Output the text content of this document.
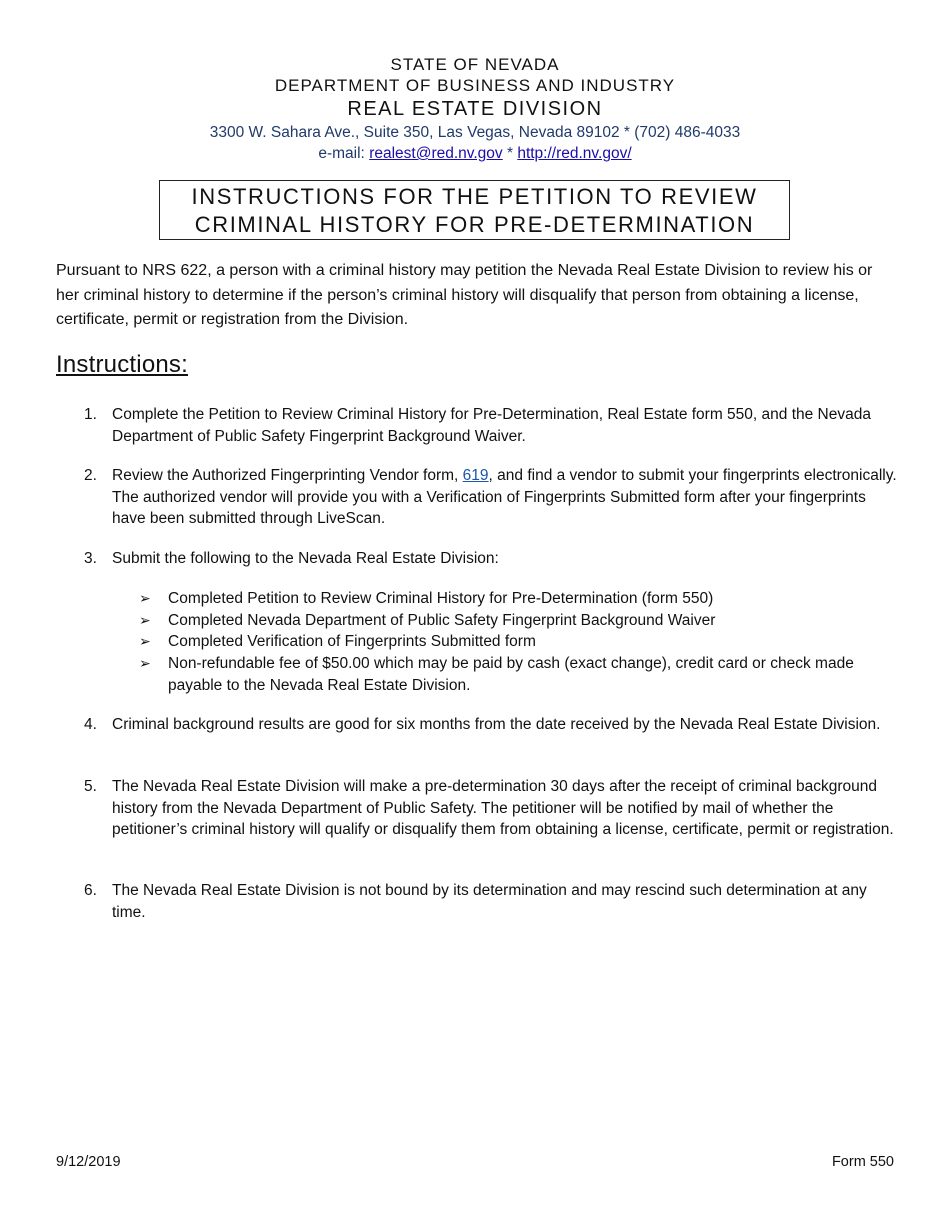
STATE OF NEVADA
DEPARTMENT OF BUSINESS AND INDUSTRY
REAL ESTATE DIVISION
3300 W. Sahara Ave., Suite 350, Las Vegas, Nevada 89102 * (702) 486-4033
e-mail: realest@red.nv.gov * http://red.nv.gov/
INSTRUCTIONS FOR THE PETITION TO REVIEW
CRIMINAL HISTORY FOR PRE-DETERMINATION
Pursuant to NRS 622, a person with a criminal history may petition the Nevada Real Estate Division to review his or her criminal history to determine if the person’s criminal history will disqualify that person from obtaining a license, certificate, permit or registration from the Division.
Instructions:
1. Complete the Petition to Review Criminal History for Pre-Determination, Real Estate form 550, and the Nevada Department of Public Safety Fingerprint Background Waiver.
2. Review the Authorized Fingerprinting Vendor form, 619, and find a vendor to submit your fingerprints electronically. The authorized vendor will provide you with a Verification of Fingerprints Submitted form after your fingerprints have been submitted through LiveScan.
3. Submit the following to the Nevada Real Estate Division:
➢ Completed Petition to Review Criminal History for Pre-Determination (form 550)
➢ Completed Nevada Department of Public Safety Fingerprint Background Waiver
➢ Completed Verification of Fingerprints Submitted form
➢ Non-refundable fee of $50.00 which may be paid by cash (exact change), credit card or check made payable to the Nevada Real Estate Division.
4. Criminal background results are good for six months from the date received by the Nevada Real Estate Division.
5. The Nevada Real Estate Division will make a pre-determination 30 days after the receipt of criminal background history from the Nevada Department of Public Safety. The petitioner will be notified by mail of whether the petitioner’s criminal history will qualify or disqualify them from obtaining a license, certificate, permit or registration.
6. The Nevada Real Estate Division is not bound by its determination and may rescind such determination at any time.
9/12/2019	Form 550
